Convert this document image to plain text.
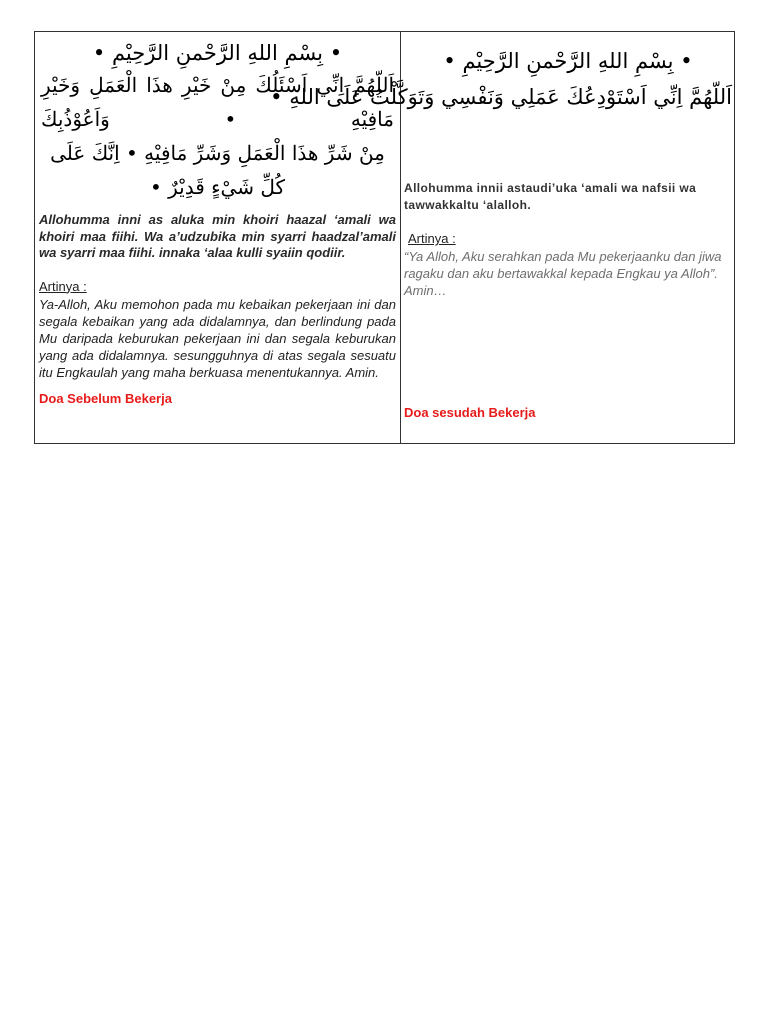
• بِسْمِ اللهِ الرَّحْمنِ الرَّحِيْمِ •
اَللّهُمَّ اِنِّي اَسْئَلُكَ مِنْ خَيْرِ هذَا الْعَمَلِ وَخَيْرِ مَافِيْهِ • وَاَعُوْذُبِكَ
مِنْ شَرِّ هذَا الْعَمَلِ وَشَرِّ مَافِيْهِ • اِنَّكَ عَلَى كُلِّ شَيْءٍ قَدِيْرٌ •

Allohumma inni as aluka min khoiri haazal ‘amali wa khoiri maa fiihi. Wa a’udzubika min syarri haadzal’amali wa syarri maa fiihi. innaka ‘alaa kulli syaiin qodiir.

Artinya :

Ya-Alloh, Aku memohon pada mu kebaikan pekerjaan ini dan segala kebaikan yang ada didalamnya, dan berlindung pada Mu daripada keburukan pekerjaan ini dan segala keburukan yang ada didalamnya. sesungguhnya di atas segala sesuatu itu Engkaulah yang maha berkuasa menentukannya. Amin.

Doa Sebelum Bekerja
• بِسْمِ اللهِ الرَّحْمنِ الرَّحِيْمِ •
اَللّهُمَّ اِنِّي اَسْتَوْدِعُكَ عَمَلِي وَنَفْسِي وَتَوَكَّلْتُ عَلَى اللهِ •

Allohumma innii astaudi’uka ‘amali wa nafsii wa tawwakkaltu ‘alalloh.

Artinya :

“Ya Alloh, Aku serahkan pada Mu pekerjaanku dan jiwa ragaku dan aku bertawakkal kepada Engkau ya Alloh”. Amin…

Doa sesudah Bekerja
